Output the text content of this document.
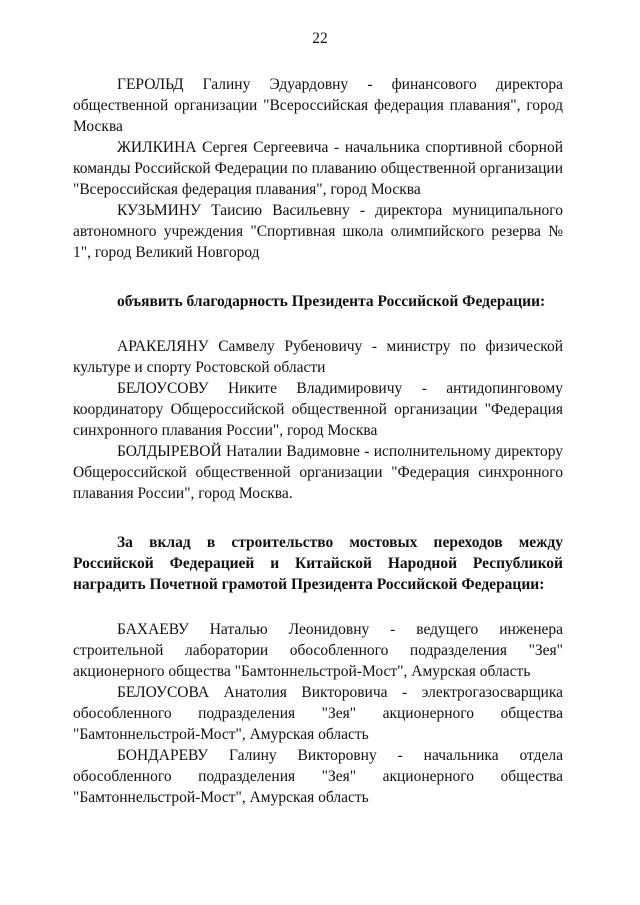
22

ГЕРОЛЬД Галину Эдуардовну - финансового директора общественной организации "Всероссийская федерация плавания", город Москва

ЖИЛКИНА Сергея Сергеевича - начальника спортивной сборной команды Российской Федерации по плаванию общественной организации "Всероссийская федерация плавания", город Москва

КУЗЬМИНУ Таисию Васильевну - директора муниципального автономного учреждения "Спортивная школа олимпийского резерва № 1", город Великий Новгород

объявить благодарность Президента Российской Федерации:

АРАКЕЛЯНУ Самвелу Рубеновичу - министру по физической культуре и спорту Ростовской области

БЕЛОУСОВУ Никите Владимировичу - антидопинговому координатору Общероссийской общественной организации "Федерация синхронного плавания России", город Москва

БОЛДЫРЕВОЙ Наталии Вадимовне - исполнительному директору Общероссийской общественной организации "Федерация синхронного плавания России", город Москва.

За вклад в строительство мостовых переходов между Российской Федерацией и Китайской Народной Республикой наградить Почетной грамотой Президента Российской Федерации:

БАХАЕВУ Наталью Леонидовну - ведущего инженера строительной лаборатории обособленного подразделения "Зея" акционерного общества "Бамтоннельстрой-Мост", Амурская область

БЕЛОУСОВА Анатолия Викторовича - электрогазосварщика обособленного подразделения "Зея" акционерного общества "Бамтоннельстрой-Мост", Амурская область

БОНДАРЕВУ Галину Викторовну - начальника отдела обособленного подразделения "Зея" акционерного общества "Бамтоннельстрой-Мост", Амурская область
